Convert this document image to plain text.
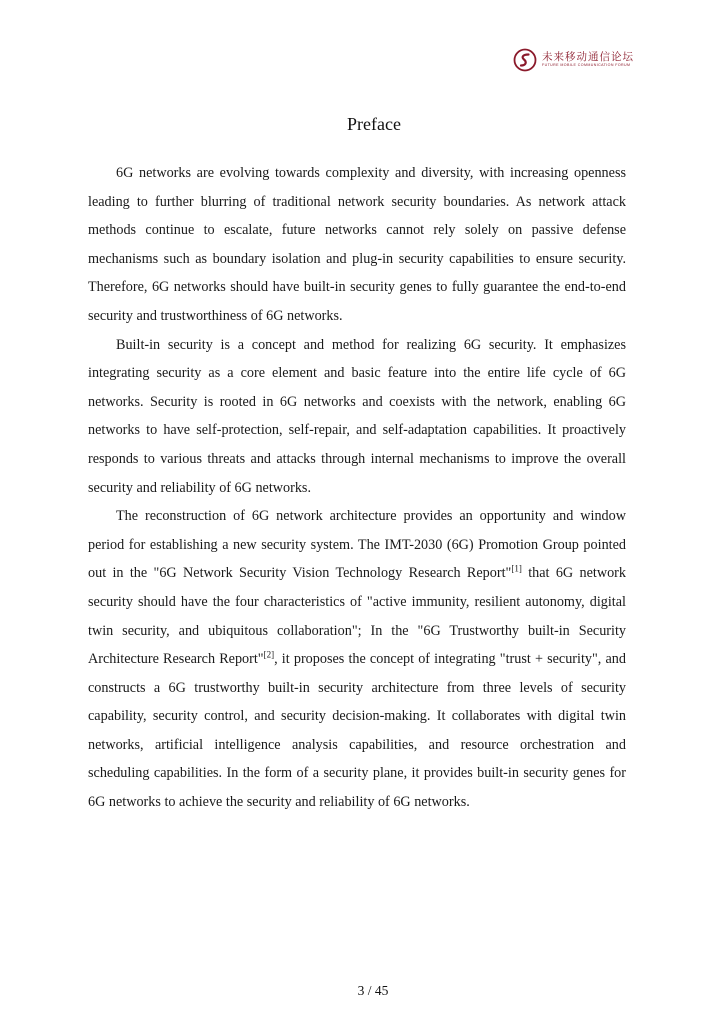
未来移动通信论坛
FUTURE MOBILE COMMUNICATION FORUM
Preface

6G networks are evolving towards complexity and diversity, with increasing openness leading to further blurring of traditional network security boundaries. As network attack methods continue to escalate, future networks cannot rely solely on passive defense mechanisms such as boundary isolation and plug-in security capabilities to ensure security. Therefore, 6G networks should have built-in security genes to fully guarantee the end-to-end security and trustworthiness of 6G networks.

Built-in security is a concept and method for realizing 6G security. It emphasizes integrating security as a core element and basic feature into the entire life cycle of 6G networks. Security is rooted in 6G networks and coexists with the network, enabling 6G networks to have self-protection, self-repair, and self-adaptation capabilities. It proactively responds to various threats and attacks through internal mechanisms to improve the overall security and reliability of 6G networks.

The reconstruction of 6G network architecture provides an opportunity and window period for establishing a new security system. The IMT-2030 (6G) Promotion Group pointed out in the "6G Network Security Vision Technology Research Report"[1] that 6G network security should have the four characteristics of "active immunity, resilient autonomy, digital twin security, and ubiquitous collaboration"; In the "6G Trustworthy built-in Security Architecture Research Report"[2], it proposes the concept of integrating "trust + security", and constructs a 6G trustworthy built-in security architecture from three levels of security capability, security control, and security decision-making. It collaborates with digital twin networks, artificial intelligence analysis capabilities, and resource orchestration and scheduling capabilities. In the form of a security plane, it provides built-in security genes for 6G networks to achieve the security and reliability of 6G networks.

3 / 45
